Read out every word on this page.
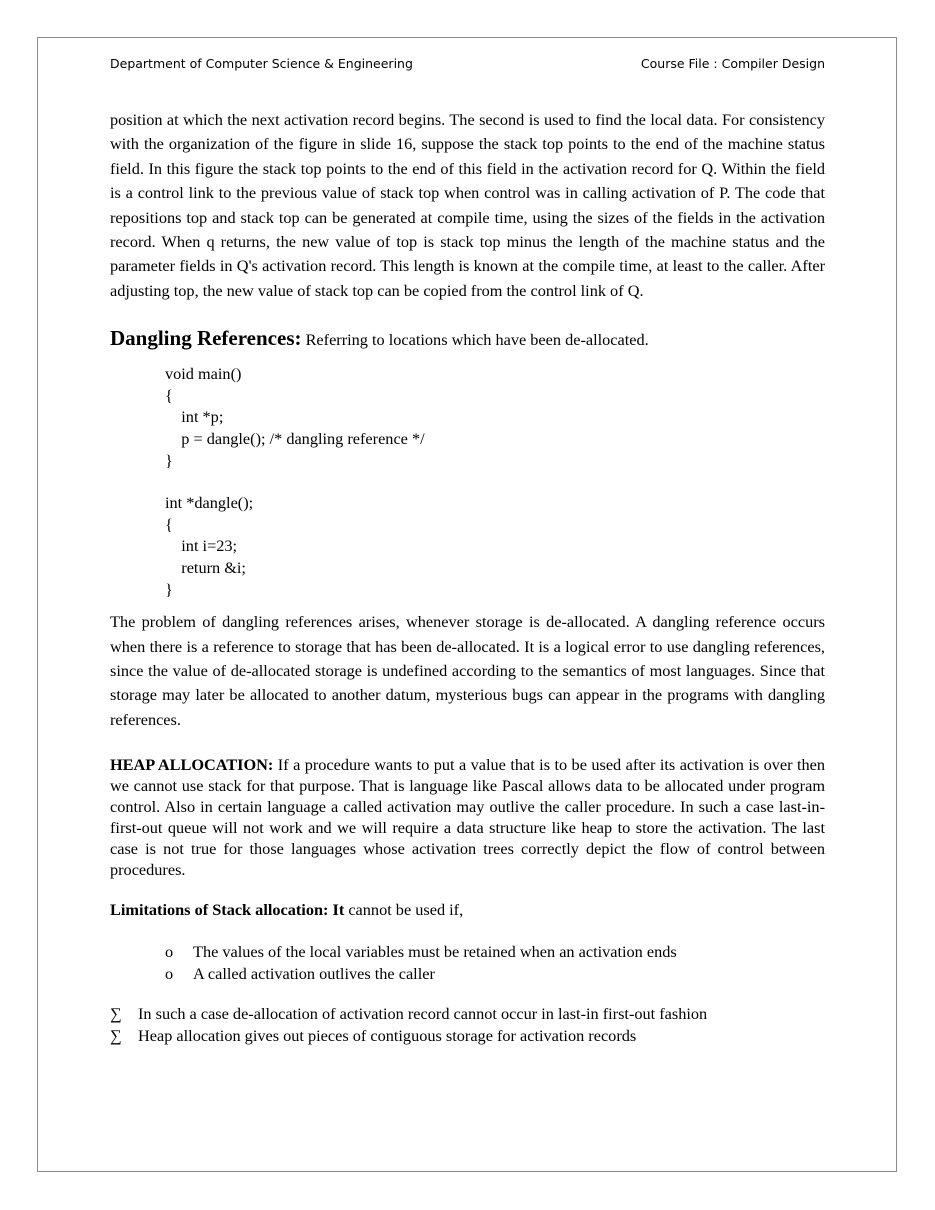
Department of Computer Science & Engineering	Course File : Compiler Design

position at which the next activation record begins. The second is used to find the local data. For consistency with the organization of the figure in slide 16, suppose the stack top points to the end of the machine status field. In this figure the stack top points to the end of this field in the activation record for Q. Within the field is a control link to the previous value of stack top when control was in calling activation of P. The code that repositions top and stack top can be generated at compile time, using the sizes of the fields in the activation record. When q returns, the new value of top is stack top minus the length of the machine status and the parameter fields in Q's activation record. This length is known at the compile time, at least to the caller. After adjusting top, the new value of stack top can be copied from the control link of Q.

Dangling References: Referring to locations which have been de-allocated.
void main()
{
int *p;
p = dangle(); /* dangling reference */
}
int *dangle();
{
int i=23;
return &i;
}

The problem of dangling references arises, whenever storage is de-allocated. A dangling reference occurs when there is a reference to storage that has been de-allocated. It is a logical error to use dangling references, since the value of de-allocated storage is undefined according to the semantics of most languages. Since that storage may later be allocated to another datum, mysterious bugs can appear in the programs with dangling references.

HEAP ALLOCATION: If a procedure wants to put a value that is to be used after its activation is over then we cannot use stack for that purpose. That is language like Pascal allows data to be allocated under program control. Also in certain language a called activation may outlive the caller procedure. In such a case last-in-first-out queue will not work and we will require a data structure like heap to store the activation. The last case is not true for those languages whose activation trees correctly depict the flow of control between procedures.

Limitations of Stack allocation: It cannot be used if,

o	The values of the local variables must be retained when an activation ends
o	A called activation outlives the caller
∑	In such a case de-allocation of activation record cannot occur in last-in first-out fashion
∑	Heap allocation gives out pieces of contiguous storage for activation records
